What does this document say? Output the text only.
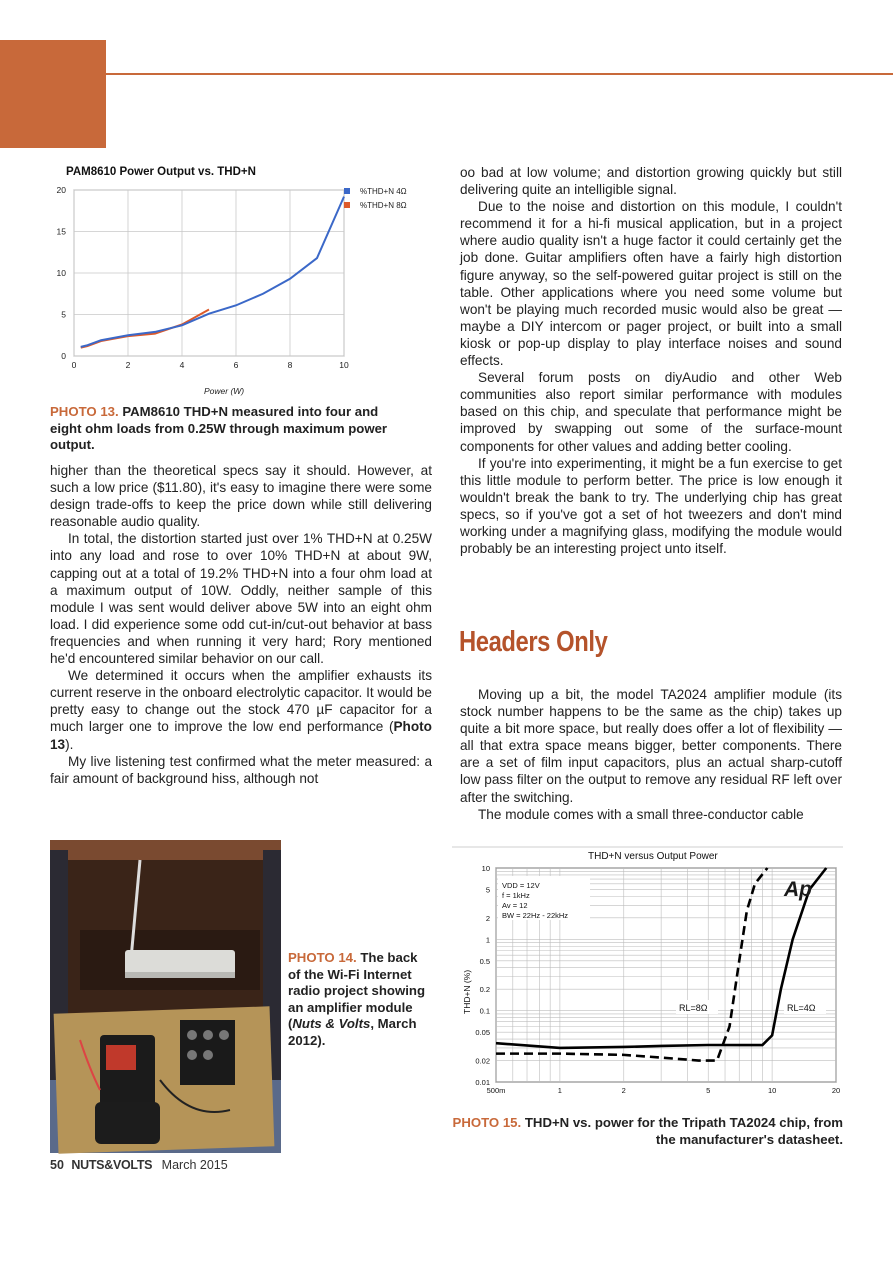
PAM8610 Power Output vs. THD+N
0	2	4	6	8	10
0
5
10
15
20	%THD+N 4Ω
%THD+N 8Ω
Power (W)
PHOTO 13. PAM8610 THD+N measured into four and eight ohm loads from 0.25W through maximum power output.

higher than the theoretical specs say it should. However, at such a low price ($11.80), it's easy to imagine there were some design trade-offs to keep the price down while still delivering reasonable audio quality.

In total, the distortion started just over 1% THD+N at 0.25W into any load and rose to over 10% THD+N at about 9W, capping out at a total of 19.2% THD+N into a four ohm load at a maximum output of 10W. Oddly, neither sample of this module I was sent would deliver above 5W into an eight ohm load. I did experience some odd cut-in/cut-out behavior at bass frequencies and when running it very hard; Rory mentioned he'd encountered similar behavior on our call.

We determined it occurs when the amplifier exhausts its current reserve in the onboard electrolytic capacitor. It would be pretty easy to change out the stock 470 µF capacitor for a much larger one to improve the low end performance (Photo 13).

My live listening test confirmed what the meter measured: a fair amount of background hiss, although not

oo bad at low volume; and distortion growing quickly but still delivering quite an intelligible signal.

Due to the noise and distortion on this module, I couldn't recommend it for a hi-fi musical application, but in a project where audio quality isn't a huge factor it could certainly get the job done. Guitar amplifiers often have a fairly high distortion figure anyway, so the self-powered guitar project is still on the table. Other applications where you need some volume but won't be playing much recorded music would also be great — maybe a DIY intercom or pager project, or built into a small kiosk or pop-up display to play interface noises and sound effects.

Several forum posts on diyAudio and other Web communities also report similar performance with modules based on this chip, and speculate that performance might be improved by swapping out some of the surface-mount components for other values and adding better cooling.

If you're into experimenting, it might be a fun exercise to get this little module to perform better. The price is low enough it wouldn't break the bank to try. The underlying chip has great specs, so if you've got a set of hot tweezers and don't mind working under a magnifying glass, modifying the module would probably be an interesting project unto itself.

Headers Only

Moving up a bit, the model TA2024 amplifier module (its stock number happens to be the same as the chip) takes up quite a bit more space, but really does offer a lot of flexibility — all that extra space means bigger, better components. There are a set of film input capacitors, plus an actual sharp-cutoff low pass filter on the output to remove any residual RF left over after the switching.

The module comes with a small three-conductor cable

PHOTO 14. The back of the Wi-Fi Internet radio project showing an amplifier module (Nuts & Volts, March 2012).
THD+N versus Output Power
500m	1	2	5	10	20
0.01
0.02
0.05
0.1
0.2
0.5
1
2
5
10
VDD = 12V
f = 1kHz
Av = 12
BW = 22Hz - 22kHz
RL=8Ω	RL=4Ω
Ap
THD+N (%)
PHOTO 15. THD+N vs. power for the Tripath TA2024 chip, from the manufacturer's datasheet.
50 NUTS&VOLTS March 2015
